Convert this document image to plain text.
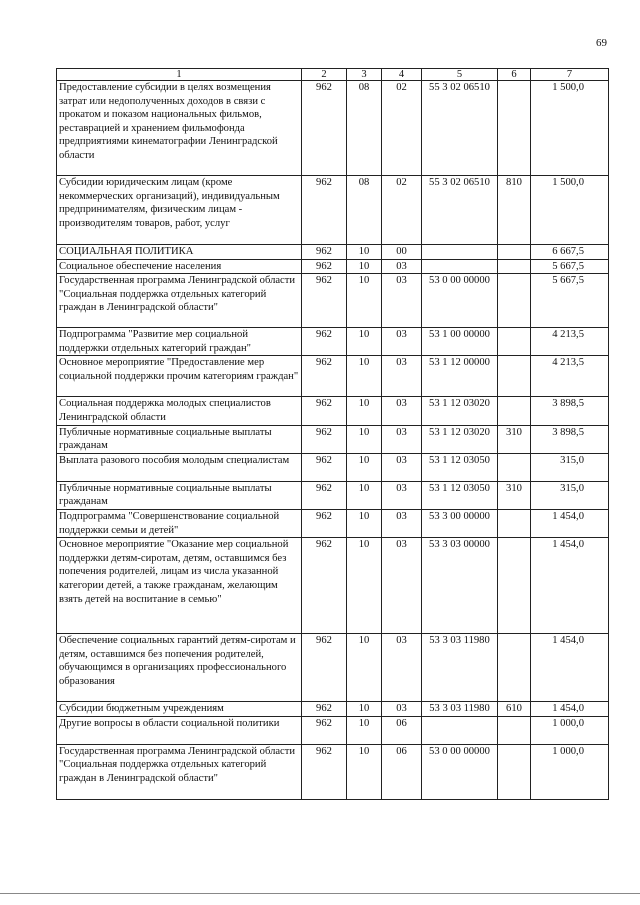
69
1	2	3	4	5	6	7
Предоставление субсидии в целях возмещения затрат или недополученных доходов в связи с прокатом и показом национальных фильмов, реставрацией и хранением фильмофонда предприятиями кинематографии Ленинградской области	962	08	02	55 3 02 06510		1 500,0
Субсидии юридическим лицам (кроме некоммерческих организаций), индивидуальным предпринимателям, физическим лицам - производителям товаров, работ, услуг	962	08	02	55 3 02 06510	810	1 500,0
СОЦИАЛЬНАЯ ПОЛИТИКА	962	10	00			6 667,5
Социальное обеспечение населения	962	10	03			5 667,5
Государственная программа Ленинградской области "Социальная поддержка отдельных категорий граждан в Ленинградской области"	962	10	03	53 0 00 00000		5 667,5
Подпрограмма "Развитие мер социальной поддержки отдельных категорий граждан"	962	10	03	53 1 00 00000		4 213,5
Основное мероприятие "Предоставление мер социальной поддержки прочим категориям граждан"	962	10	03	53 1 12 00000		4 213,5
Социальная поддержка молодых специалистов Ленинградской области	962	10	03	53 1 12 03020		3 898,5
Публичные нормативные социальные выплаты гражданам	962	10	03	53 1 12 03020	310	3 898,5
Выплата разового пособия молодым специалистам	962	10	03	53 1 12 03050		315,0
Публичные нормативные социальные выплаты гражданам	962	10	03	53 1 12 03050	310	315,0
Подпрограмма "Совершенствование социальной поддержки семьи и детей"	962	10	03	53 3 00 00000		1 454,0
Основное мероприятие "Оказание мер социальной поддержки детям-сиротам, детям, оставшимся без попечения родителей, лицам из числа указанной категории детей, а также гражданам, желающим взять детей на воспитание в семью"	962	10	03	53 3 03 00000		1 454,0
Обеспечение социальных гарантий детям-сиротам и детям, оставшимся без попечения родителей, обучающимся в организациях профессионального образования	962	10	03	53 3 03 11980		1 454,0
Субсидии бюджетным учреждениям	962	10	03	53 3 03 11980	610	1 454,0
Другие вопросы в области социальной политики	962	10	06			1 000,0
Государственная программа Ленинградской области "Социальная поддержка отдельных категорий граждан в Ленинградской области"	962	10	06	53 0 00 00000		1 000,0
